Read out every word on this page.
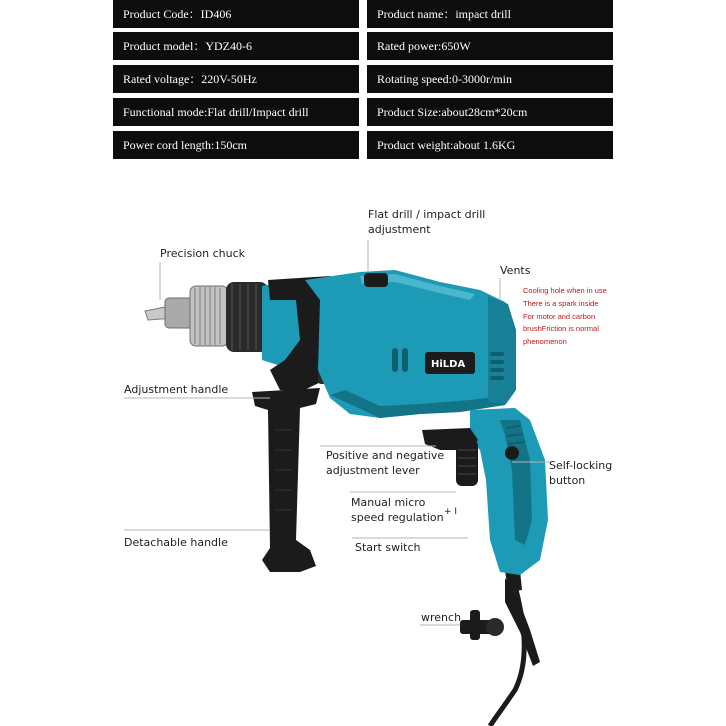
Product Code：ID406
Product model：YDZ40-6
Rated voltage：220V-50Hz
Functional mode:Flat drill/Impact drill
Power cord length:150cm
Product name：impact drill
Rated power:650W
Rotating speed:0-3000r/min
Product Size:about28cm*20cm
Product weight:about 1.6KG
HiLDA
Flat drill / impact drill
adjustment
Precision chuck
Vents
Cooling hole when in use
There is a spark inside
For motor and carbon
brushFriction is normal
phenomenon
Adjustment handle
Positive and negative
adjustment lever	Self-locking
button
Manual micro
speed regulation + I
Detachable handle	Start switch
wrench
